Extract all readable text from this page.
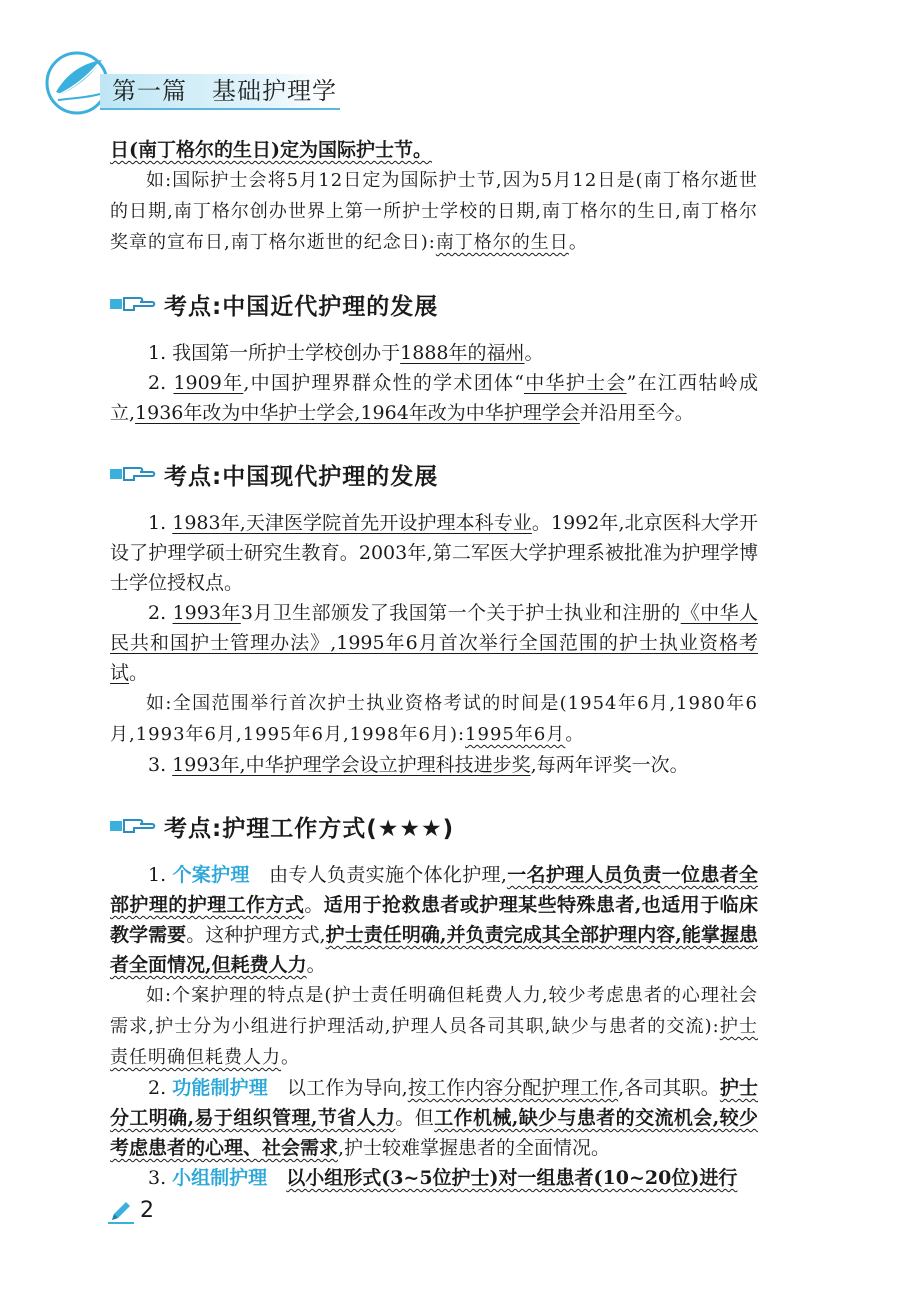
第一篇　基础护理学

日(南丁格尔的生日)定为国际护士节。

如:国际护士会将5月12日定为国际护士节,因为5月12日是(南丁格尔逝世的日期,南丁格尔创办世界上第一所护士学校的日期,南丁格尔的生日,南丁格尔奖章的宣布日,南丁格尔逝世的纪念日):南丁格尔的生日。

考点:中国近代护理的发展

1. 我国第一所护士学校创办于1888年的福州。

2. 1909年,中国护理界群众性的学术团体“中华护士会”在江西牯岭成立,1936年改为中华护士学会,1964年改为中华护理学会并沿用至今。

考点:中国现代护理的发展

1. 1983年,天津医学院首先开设护理本科专业。1992年,北京医科大学开设了护理学硕士研究生教育。2003年,第二军医大学护理系被批准为护理学博士学位授权点。

2. 1993年3月卫生部颁发了我国第一个关于护士执业和注册的《中华人民共和国护士管理办法》,1995年6月首次举行全国范围的护士执业资格考试。

如:全国范围举行首次护士执业资格考试的时间是(1954年6月,1980年6月,1993年6月,1995年6月,1998年6月):1995年6月。

3. 1993年,中华护理学会设立护理科技进步奖,每两年评奖一次。

考点:护理工作方式(★★★)

1. 个案护理　由专人负责实施个体化护理,一名护理人员负责一位患者全部护理的护理工作方式。适用于抢救患者或护理某些特殊患者,也适用于临床教学需要。这种护理方式,护士责任明确,并负责完成其全部护理内容,能掌握患者全面情况,但耗费人力。

如:个案护理的特点是(护士责任明确但耗费人力,较少考虑患者的心理社会需求,护士分为小组进行护理活动,护理人员各司其职,缺少与患者的交流):护士责任明确但耗费人力。

2. 功能制护理　以工作为导向,按工作内容分配护理工作,各司其职。护士分工明确,易于组织管理,节省人力。但工作机械,缺少与患者的交流机会,较少考虑患者的心理、社会需求,护士较难掌握患者的全面情况。

3. 小组制护理　 以小组形式(3~5位护士)对一组患者(10~20位)进行

2
